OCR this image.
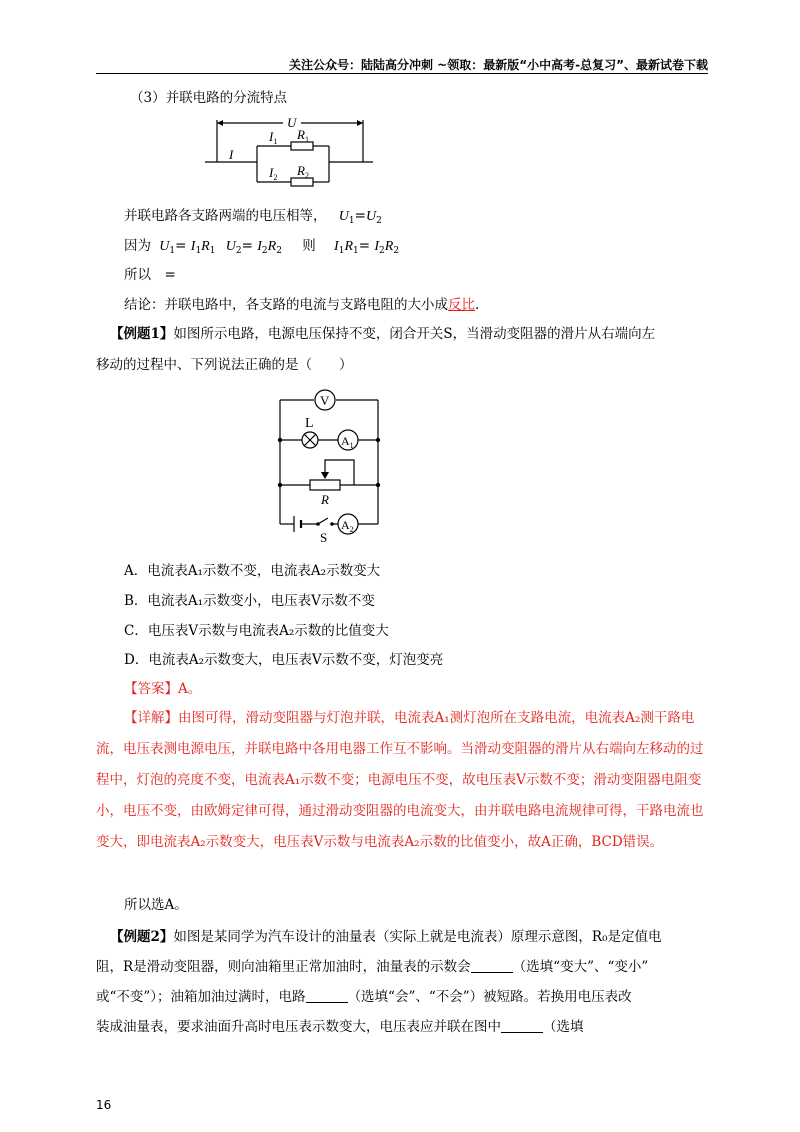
关注公众号：陆陆高分冲刺 ~领取：最新版“小中高考-总复习”、最新试卷下载
（3）并联电路的分流特点
U
I
$I_1$ $R_1$
$I_2$ $R_2$
并联电路各支路两端的电压相等， $U_1=U_2$
因为 $U_1= I_1R_1$ $U_2= I_2R_2$ 则 $I_1R_1= I_2R_2$
所以　=
结论：并联电路中，各支路的电流与支路电阻的大小成反比.
【例题1】如图所示电路，电源电压保持不变，闭合开关S，当滑动变阻器的滑片从右端向左
移动的过程中、下列说法正确的是（　　）
V
L
$A_1$
R
$A_2$
S
A．电流表A₁示数不变，电流表A₂示数变大
B．电流表A₁示数变小，电压表V示数不变
C．电压表V示数与电流表A₂示数的比值变大
D．电流表A₂示数变大，电压表V示数不变，灯泡变亮
【答案】A。
【详解】由图可得，滑动变阻器与灯泡并联，电流表A₁测灯泡所在支路电流，电流表A₂测干路电流，电压表测电源电压，并联电路中各用电器工作互不影响。当滑动变阻器的滑片从右端向左移动的过程中，灯泡的亮度不变，电流表A₁示数不变；电源电压不变，故电压表V示数不变；滑动变阻器电阻变小，电压不变，由欧姆定律可得，通过滑动变阻器的电流变大，由并联电路电流规律可得，干路电流也变大，即电流表A₂示数变大，电压表V示数与电流表A₂示数的比值变小，故A正确，BCD错误。
所以选A。
【例题2】如图是某同学为汽车设计的油量表（实际上就是电流表）原理示意图，R₀是定值电
阻，R是滑动变阻器，则向油箱里正常加油时，油量表的示数会	（选填“变大”、“变小”
或“不变”）；油箱加油过满时，电路	（选填“会”、“不会”）被短路。若换用电压表改
装成油量表，要求油面升高时电压表示数变大，电压表应并联在图中	（选填
16
